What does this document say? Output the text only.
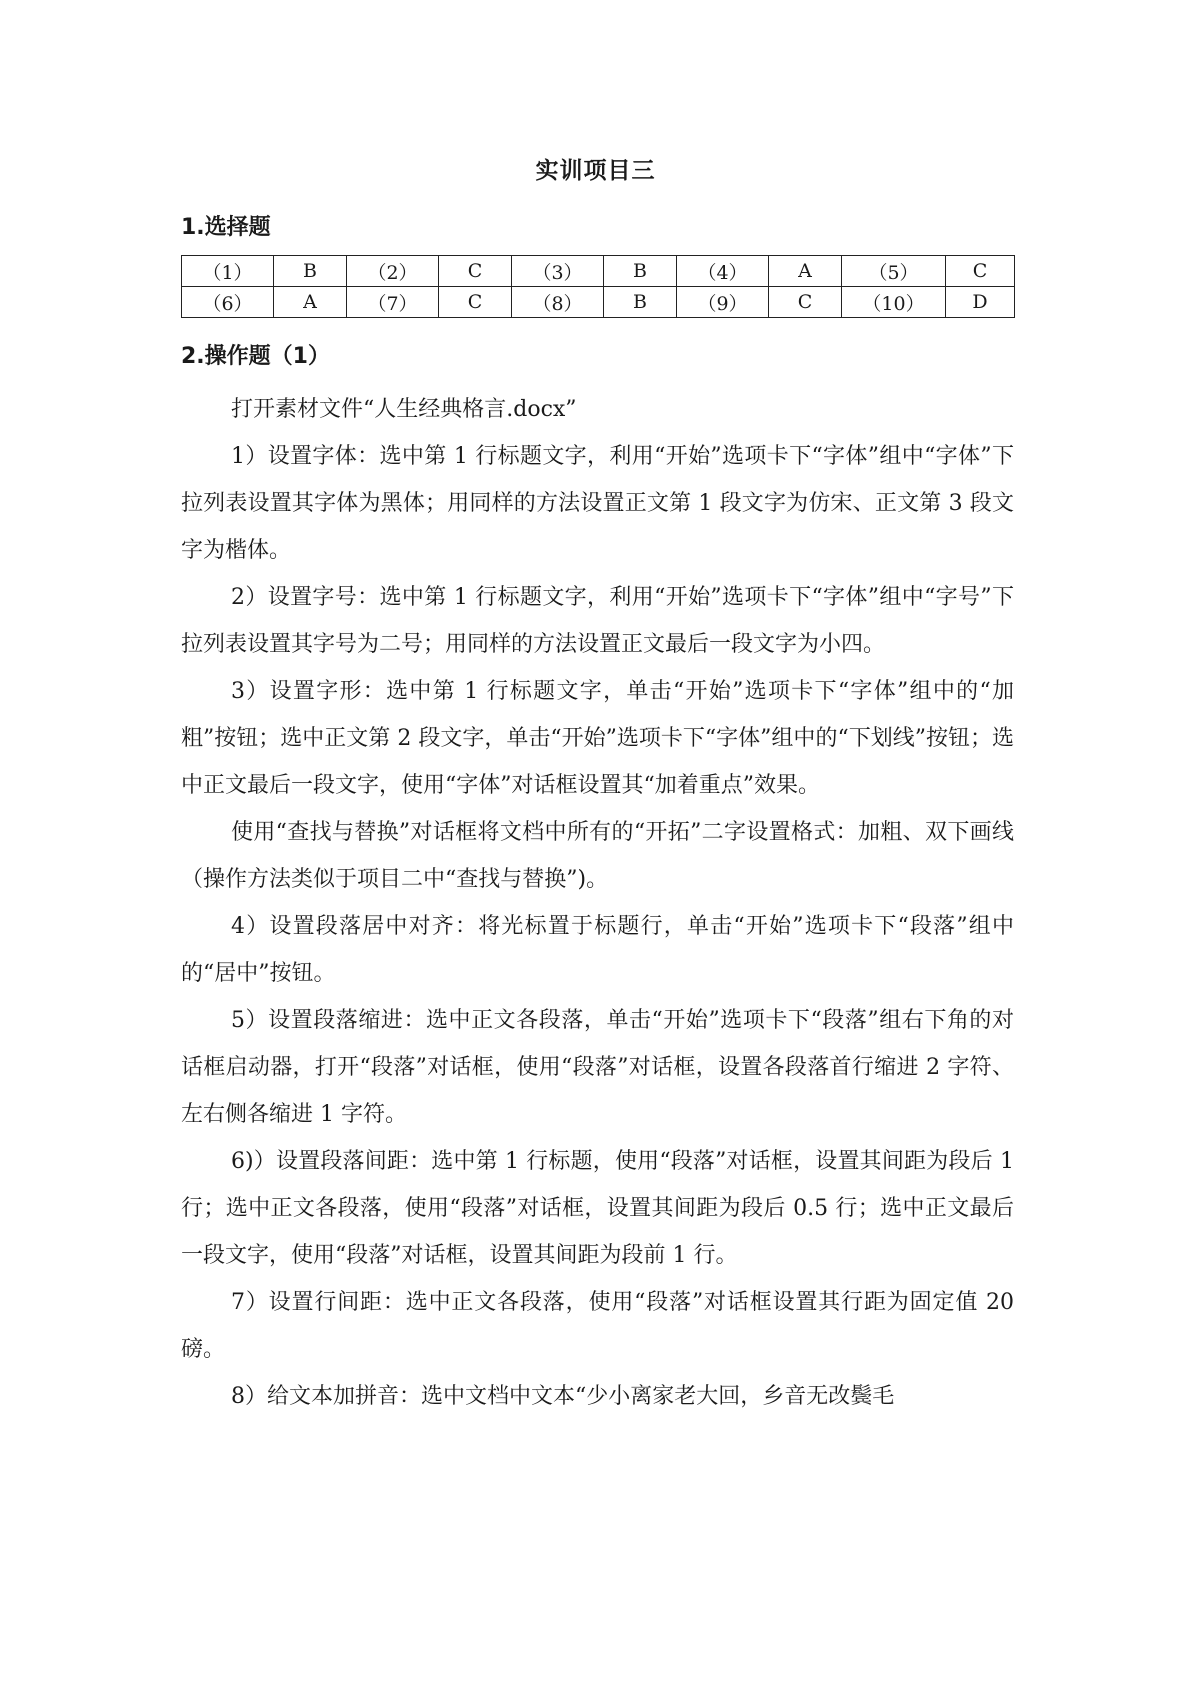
实训项目三
1.选择题
（1）	B	（2）	C	（3）	B	（4）	A	（5）	C
（6）	A	（7）	C	（8）	B	（9）	C	（10）	D
2.操作题（1）

打开素材文件“人生经典格言.docx”

1）设置字体：选中第 1 行标题文字，利用“开始”选项卡下“字体”组中“字体”下拉列表设置其字体为黑体；用同样的方法设置正文第 1 段文字为仿宋、正文第 3 段文字为楷体。

2）设置字号：选中第 1 行标题文字，利用“开始”选项卡下“字体”组中“字号”下拉列表设置其字号为二号；用同样的方法设置正文最后一段文字为小四。

3）设置字形：选中第 1 行标题文字，单击“开始”选项卡下“字体”组中的“加粗”按钮；选中正文第 2 段文字，单击“开始”选项卡下“字体”组中的“下划线”按钮；选中正文最后一段文字，使用“字体”对话框设置其“加着重点”效果。

使用“查找与替换”对话框将文档中所有的“开拓”二字设置格式：加粗、双下画线（操作方法类似于项目二中“查找与替换”)。

4）设置段落居中对齐：将光标置于标题行，单击“开始”选项卡下“段落”组中的“居中”按钮。

5）设置段落缩进：选中正文各段落，单击“开始”选项卡下“段落”组右下角的对话框启动器，打开“段落”对话框，使用“段落”对话框，设置各段落首行缩进 2 字符、左右侧各缩进 1 字符。

6)）设置段落间距：选中第 1 行标题，使用“段落”对话框，设置其间距为段后 1 行；选中正文各段落，使用“段落”对话框，设置其间距为段后 0.5 行；选中正文最后一段文字，使用“段落”对话框，设置其间距为段前 1 行。

7）设置行间距：选中正文各段落，使用“段落”对话框设置其行距为固定值 20 磅。

8）给文本加拼音：选中文档中文本“少小离家老大回，乡音无改鬓毛
